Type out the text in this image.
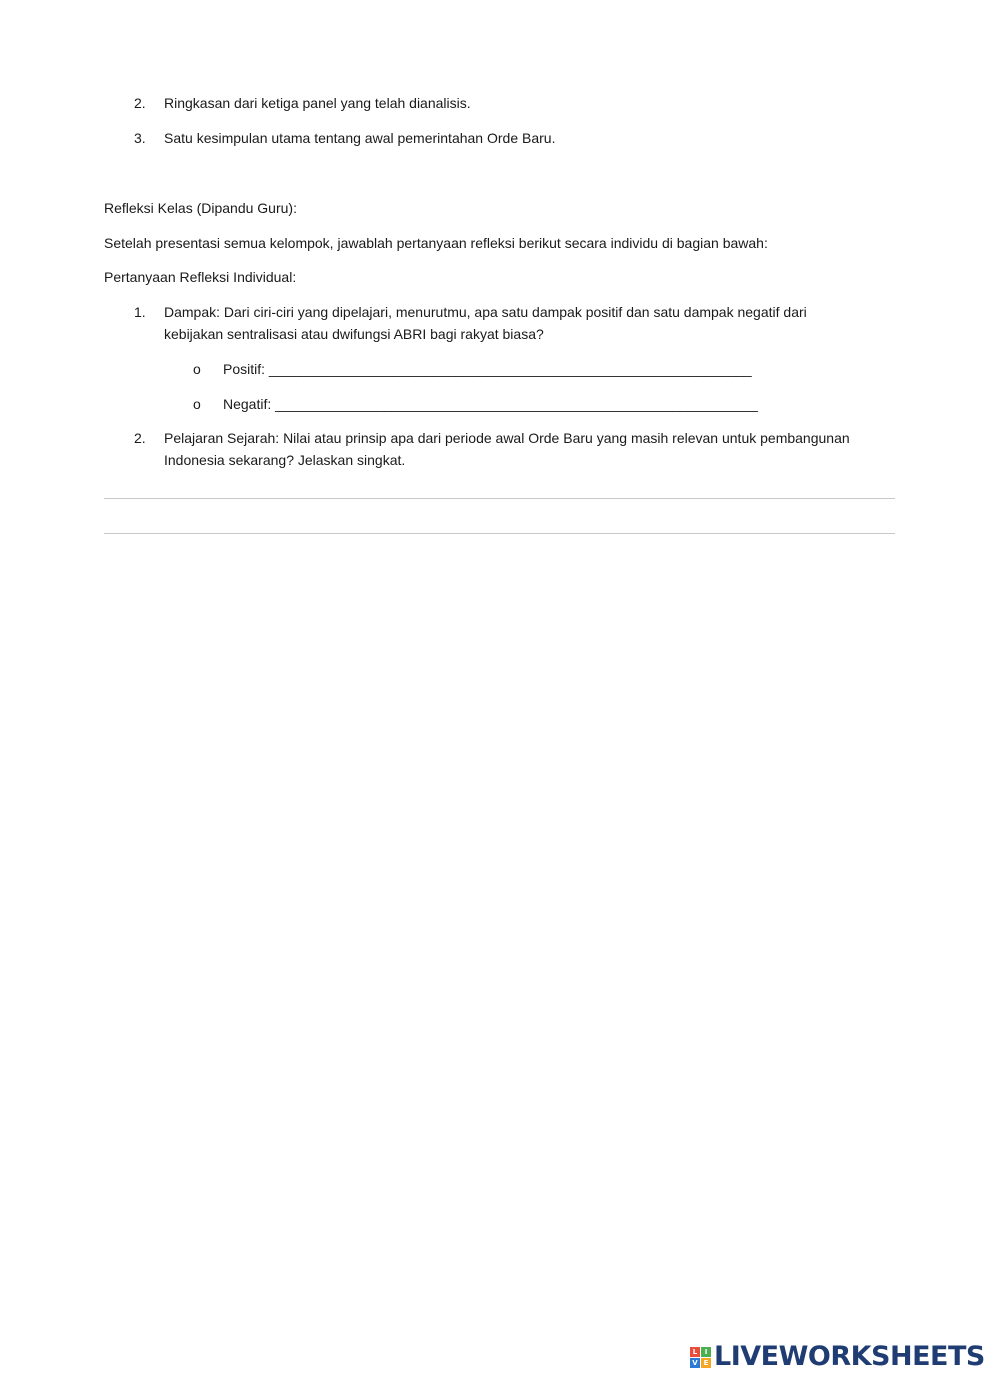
2.	Ringkasan dari ketiga panel yang telah dianalisis.
3.	Satu kesimpulan utama tentang awal pemerintahan Orde Baru.
Refleksi Kelas (Dipandu Guru):
Setelah presentasi semua kelompok, jawablah pertanyaan refleksi berikut secara individu di bagian bawah:
Pertanyaan Refleksi Individual:
1.	Dampak: Dari ciri-ciri yang dipelajari, menurutmu, apa satu dampak positif dan satu dampak negatif dari
kebijakan sentralisasi atau dwifungsi ABRI bagi rakyat biasa?
o Positif: ______________________________________________________________
o Negatif: ______________________________________________________________
2.	Pelajaran Sejarah: Nilai atau prinsip apa dari periode awal Orde Baru yang masih relevan untuk pembangunan
Indonesia sekarang? Jelaskan singkat.
L	I
V E LIVEWORKSHEETS
